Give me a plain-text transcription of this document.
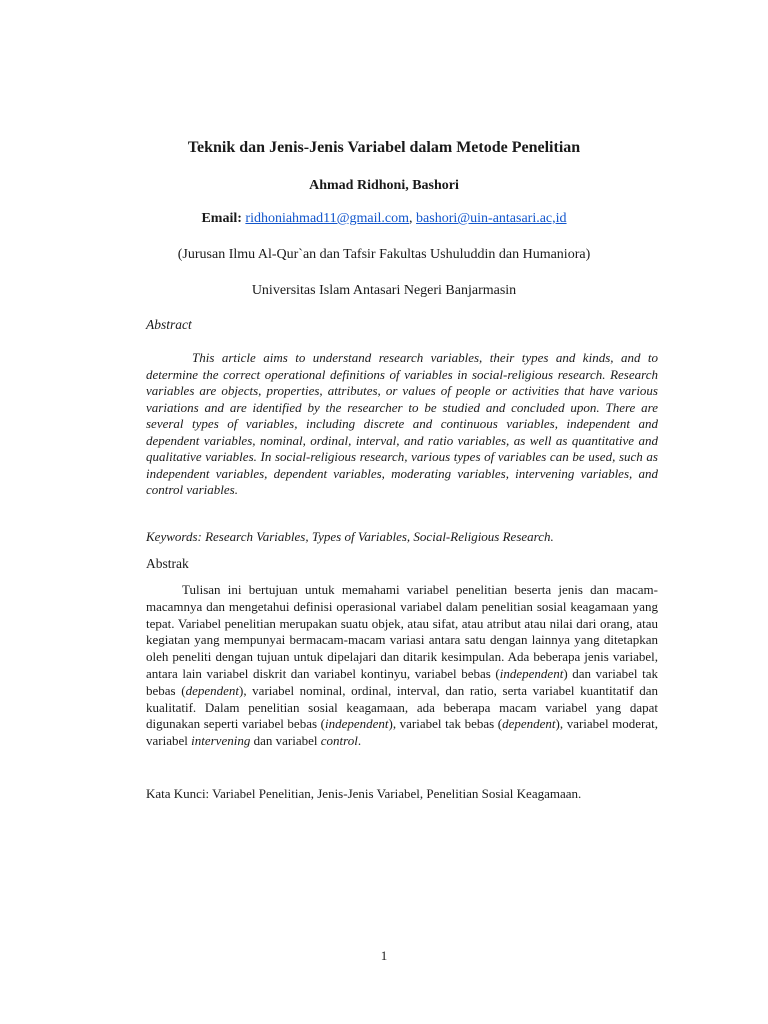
Teknik dan Jenis-Jenis Variabel dalam Metode Penelitian
Ahmad Ridhoni, Bashori
Email: ridhoniahmad11@gmail.com, bashori@uin-antasari.ac,id
(Jurusan Ilmu Al-Qur`an dan Tafsir Fakultas Ushuluddin dan Humaniora)
Universitas Islam Antasari Negeri Banjarmasin
Abstract
This article aims to understand research variables, their types and kinds, and to determine the correct operational definitions of variables in social-religious research. Research variables are objects, properties, attributes, or values of people or activities that have various variations and are identified by the researcher to be studied and concluded upon. There are several types of variables, including discrete and continuous variables, independent and dependent variables, nominal, ordinal, interval, and ratio variables, as well as quantitative and qualitative variables. In social-religious research, various types of variables can be used, such as independent variables, dependent variables, moderating variables, intervening variables, and control variables.
Keywords: Research Variables, Types of Variables, Social-Religious Research.
Abstrak
Tulisan ini bertujuan untuk memahami variabel penelitian beserta jenis dan macam-macamnya dan mengetahui definisi operasional variabel dalam penelitian sosial keagamaan yang tepat. Variabel penelitian merupakan suatu objek, atau sifat, atau atribut atau nilai dari orang, atau kegiatan yang mempunyai bermacam-macam variasi antara satu dengan lainnya yang ditetapkan oleh peneliti dengan tujuan untuk dipelajari dan ditarik kesimpulan. Ada beberapa jenis variabel, antara lain variabel diskrit dan variabel kontinyu, variabel bebas (independent) dan variabel tak bebas (dependent), variabel nominal, ordinal, interval, dan ratio, serta variabel kuantitatif dan kualitatif. Dalam penelitian sosial keagamaan, ada beberapa macam variabel yang dapat digunakan seperti variabel bebas (independent), variabel tak bebas (dependent), variabel moderat, variabel intervening dan variabel control.
Kata Kunci: Variabel Penelitian, Jenis-Jenis Variabel, Penelitian Sosial Keagamaan.
1
